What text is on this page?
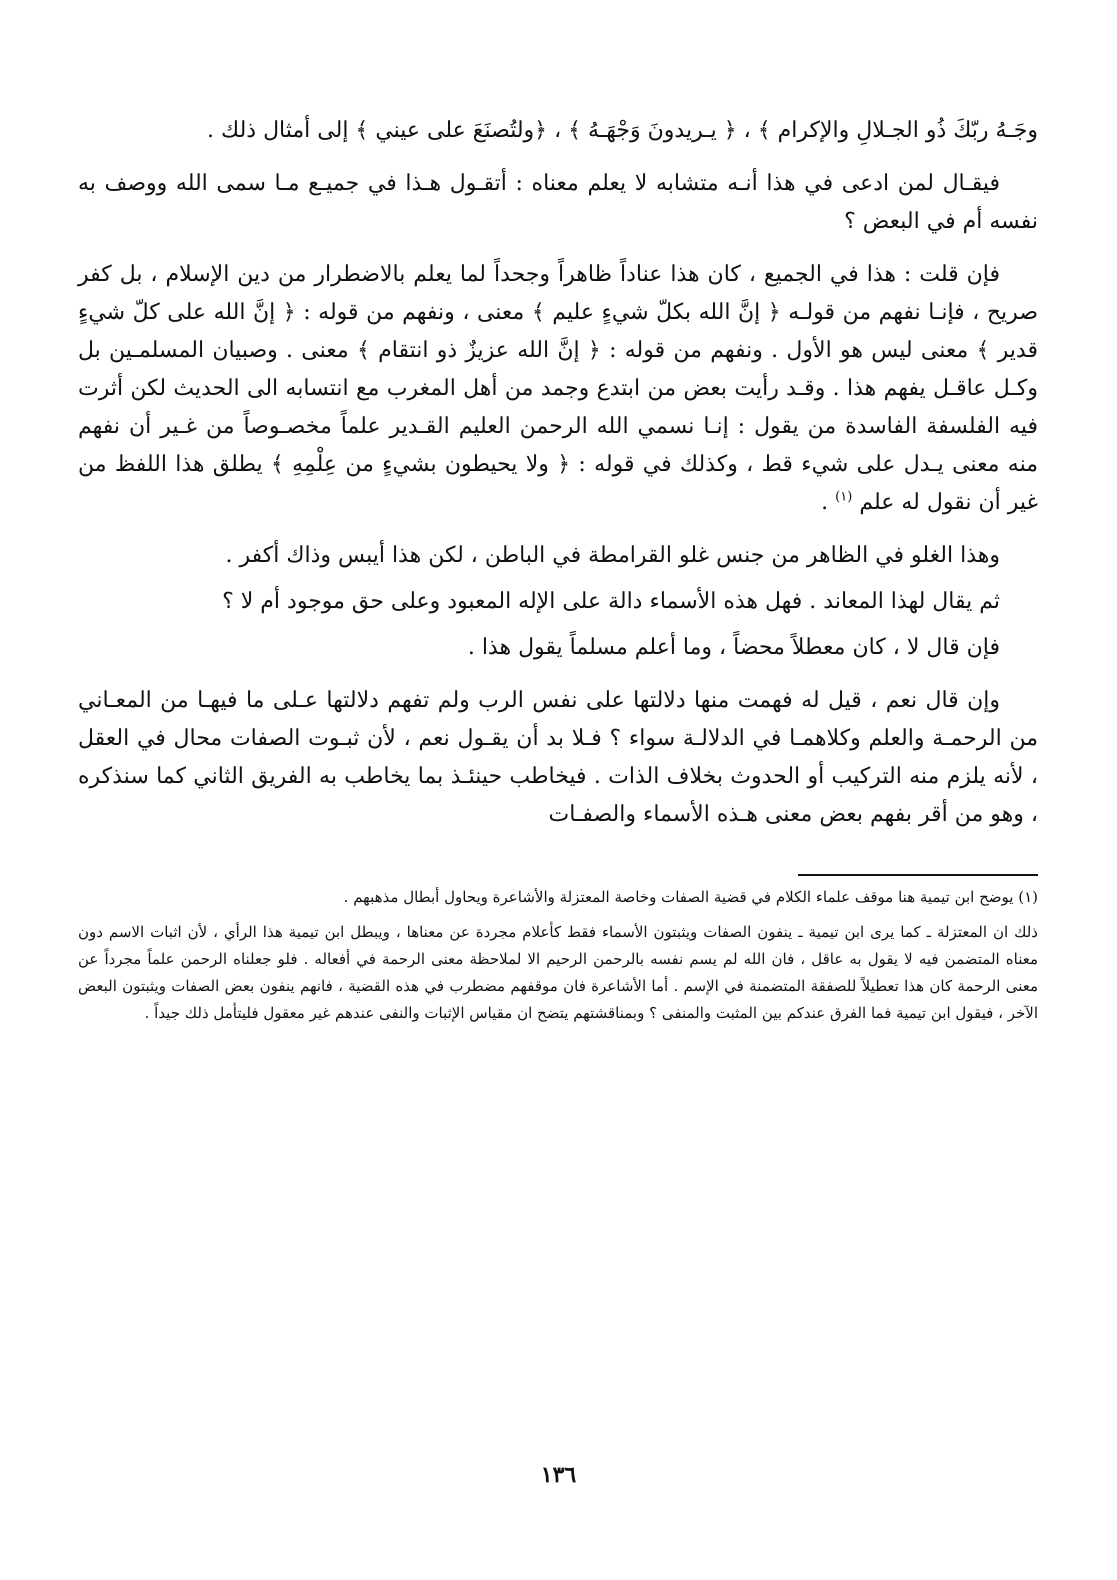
وجَـهُ ربّكَ ذُو الجـلالِ والإكرام ﴾ ، ﴿ يـريدونَ وَجْهَـهُ ﴾ ، ﴿ولتُصنَعَ على عيني ﴾ إلى أمثال ذلك .

فيقـال لمن ادعى في هذا أنـه متشابه لا يعلم معناه : أتقـول هـذا في جميـع مـا سمى الله ووصف به نفسه أم في البعض ؟

فإن قلت : هذا في الجميع ، كان هذا عناداً ظاهراً وجحداً لما يعلم بالاضطرار من دين الإسلام ، بل كفر صريح ، فإنـا نفهم من قولـه ﴿ إنَّ الله بكلّ شيءٍ عليم ﴾ معنى ، ونفهم من قوله : ﴿ إنَّ الله على كلّ شيءٍ قدير ﴾ معنى ليس هو الأول . ونفهم من قوله : ﴿ إنَّ الله عزيزٌ ذو انتقام ﴾ معنى . وصبيان المسلمـين بل وكـل عاقـل يفهم هذا . وقـد رأيت بعض من ابتدع وجمد من أهل المغرب مع انتسابه الى الحديث لكن أثرت فيه الفلسفة الفاسدة من يقول : إنـا نسمي الله الرحمن العليم القـدير علماً مخصـوصاً من غـير أن نفهم منه معنى يـدل على شيء قط ، وكذلك في قوله : ﴿ ولا يحيطون بشيءٍ من عِلْمِهِ ﴾ يطلق هذا اللفظ من غير أن نقول له علم $^{(١)}$ .

وهذا الغلو في الظاهر من جنس غلو القرامطة في الباطن ، لكن هذا أيبس وذاك أكفر .

ثم يقال لهذا المعاند . فهل هذه الأسماء دالة على الإله المعبود وعلى حق موجود أم لا ؟

فإن قال لا ، كان معطلاً محضاً ، وما أعلم مسلماً يقول هذا .

وإن قال نعم ، قيل له فهمت منها دلالتها على نفس الرب ولم تفهم دلالتها عـلى ما فيهـا من المعـاني من الرحمـة والعلم وكلاهمـا في الدلالـة سواء ؟ فـلا بد أن يقـول نعم ، لأن ثبـوت الصفات محال في العقل ، لأنه يلزم منه التركيب أو الحدوث بخلاف الذات . فيخاطب حينئـذ بما يخاطب به الفريق الثاني كما سنذكره ، وهو من أقر بفهم بعض معنى هـذه الأسماء والصفـات

(١) يوضح ابن تيمية هنا موقف علماء الكلام في قضية الصفات وخاصة المعتزلة والأشاعرة ويحاول أبطال مذهبهم .

ذلك ان المعتزلة ـ كما يرى ابن تيمية ـ ينفون الصفات ويثبتون الأسماء فقط كأعلام مجردة عن معناها ، ويبطل ابن تيمية هذا الرأي ، لأن اثبات الاسم دون معناه المتضمن فيه لا يقول به عاقل ، فان الله لم يسم نفسه بالرحمن الرحيم الا لملاحظة معنى الرحمة في أفعاله . فلو جعلناه الرحمن علماً مجرداً عن معنى الرحمة كان هذا تعطيلاً للصفقة المتضمنة في الإسم . أما الأشاعرة فان موقفهم مضطرب في هذه القضية ، فانهم ينفون بعض الصفات ويثبتون البعض الآخر ، فيقول ابن تيمية فما الفرق عندكم بين المثبت والمنفى ؟ وبمناقشتهم يتضح ان مقياس الإثبات والنفى عندهم غير معقول فليتأمل ذلك جيداً .

١٣٦
